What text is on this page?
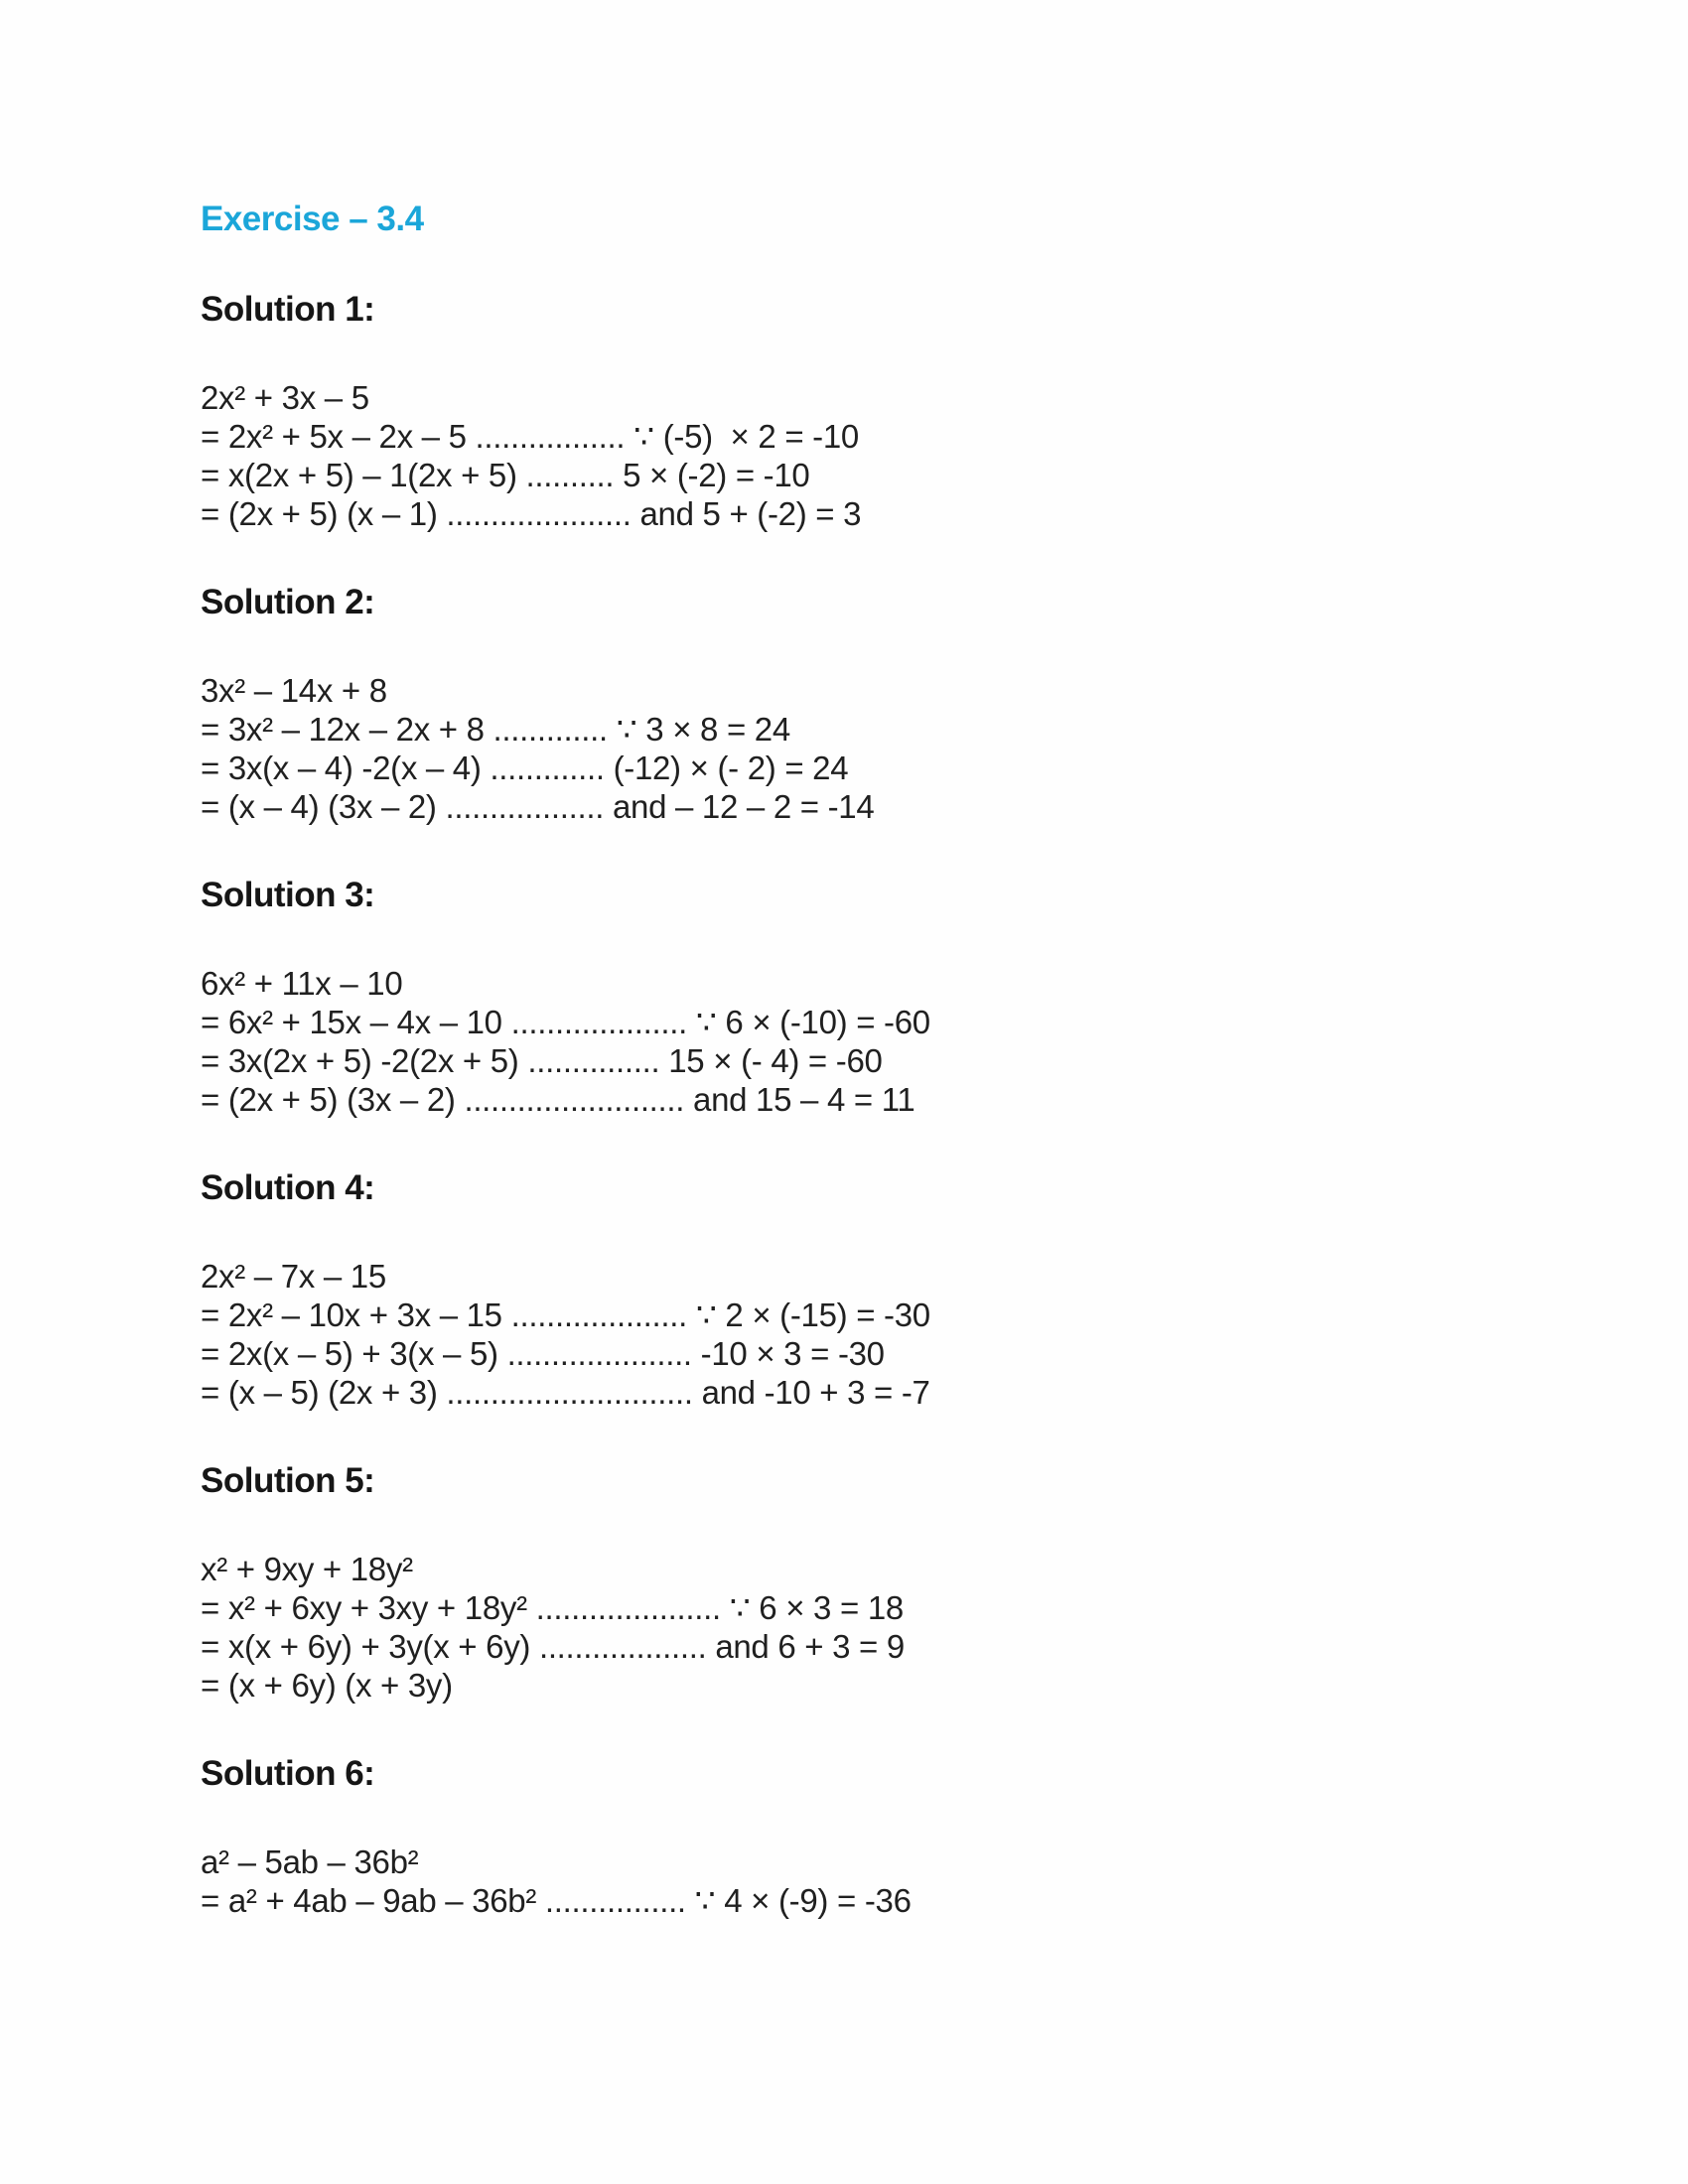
Exercise – 3.4
Solution 1:
2x² + 3x – 5
= 2x² + 5x – 2x – 5 ................. ∵ (-5)  × 2 = -10
= x(2x + 5) – 1(2x + 5) .......... 5 × (-2) = -10
= (2x + 5) (x – 1) ..................... and 5 + (-2) = 3
Solution 2:
3x² – 14x + 8
= 3x² – 12x – 2x + 8 ............. ∵ 3 × 8 = 24
= 3x(x – 4) -2(x – 4) ............. (-12) × (- 2) = 24
= (x – 4) (3x – 2) .................. and – 12 – 2 = -14
Solution 3:
6x² + 11x – 10
= 6x² + 15x – 4x – 10 .................... ∵ 6 × (-10) = -60
= 3x(2x + 5) -2(2x + 5) ............... 15 × (- 4) = -60
= (2x + 5) (3x – 2) ......................... and 15 – 4 = 11
Solution 4:
2x² – 7x – 15
= 2x² – 10x + 3x – 15 .................... ∵ 2 × (-15) = -30
= 2x(x – 5) + 3(x – 5) ..................... -10 × 3 = -30
= (x – 5) (2x + 3) ............................ and -10 + 3 = -7
Solution 5:
x² + 9xy + 18y²
= x² + 6xy + 3xy + 18y² ..................... ∵ 6 × 3 = 18
= x(x + 6y) + 3y(x + 6y) ................... and 6 + 3 = 9
= (x + 6y) (x + 3y)
Solution 6:
a² – 5ab – 36b²
= a² + 4ab – 9ab – 36b² ................ ∵ 4 × (-9) = -36
